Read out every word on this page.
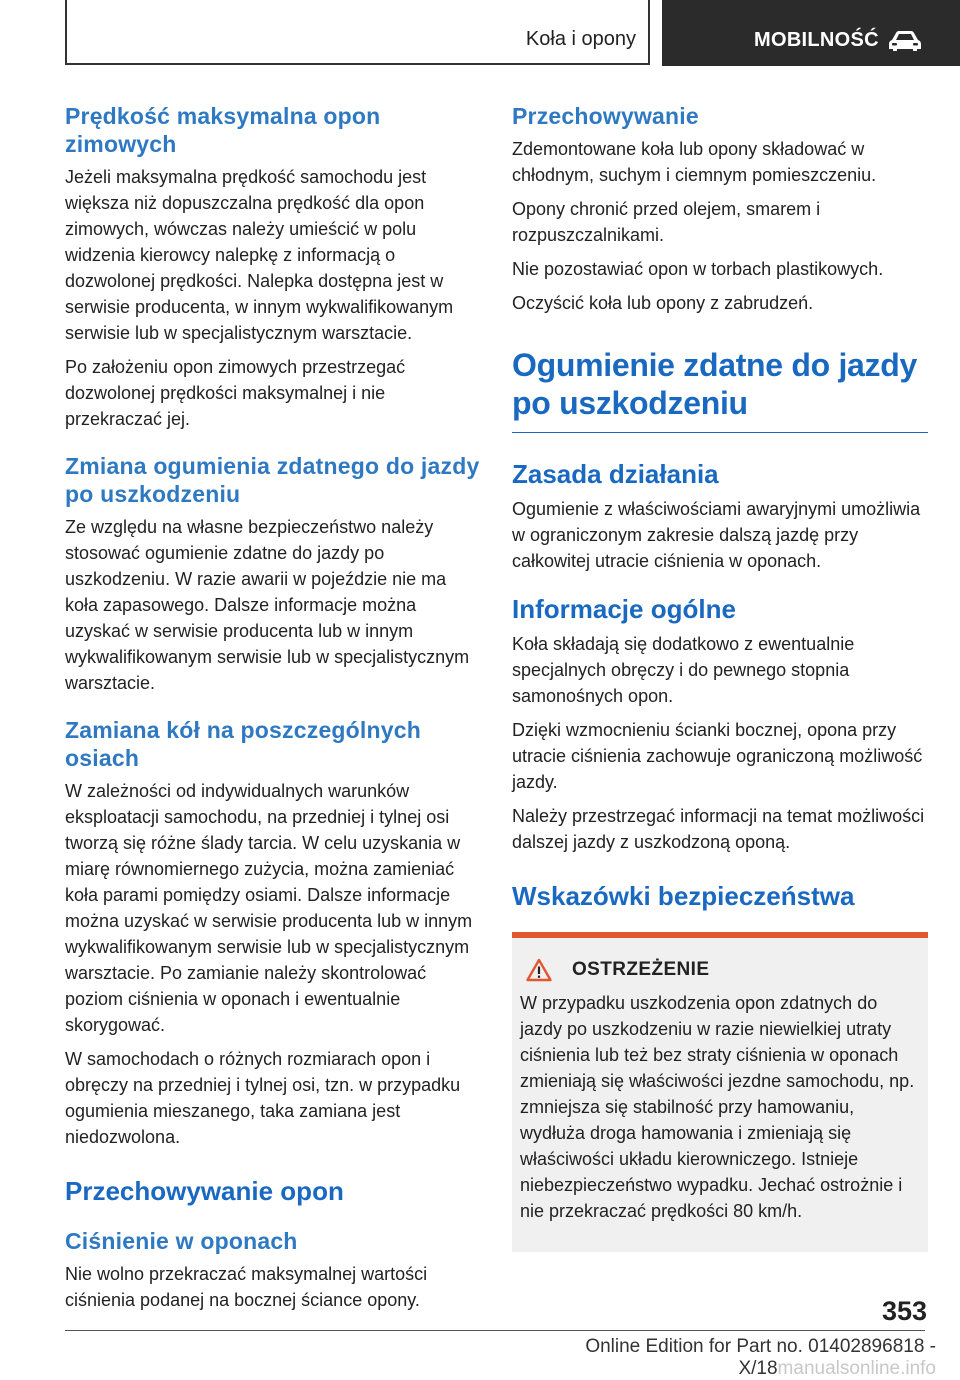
Koła i opony	MOBILNOŚĆ
Prędkość maksymalna opon zimowych

Jeżeli maksymalna prędkość samochodu jest większa niż dopuszczalna prędkość dla opon zimowych, wówczas należy umieścić w polu widzenia kierowcy nalepkę z informacją o dozwolonej prędkości. Nalepka dostępna jest w serwisie producenta, w innym wykwalifikowanym serwisie lub w specjalistycznym warsztacie.

Po założeniu opon zimowych przestrzegać dozwolonej prędkości maksymalnej i nie przekraczać jej.

Zmiana ogumienia zdatnego do jazdy po uszkodzeniu

Ze względu na własne bezpieczeństwo należy stosować ogumienie zdatne do jazdy po uszkodzeniu. W razie awarii w pojeździe nie ma koła zapasowego. Dalsze informacje można uzyskać w serwisie producenta lub w innym wykwalifikowanym serwisie lub w specjalistycznym warsztacie.

Zamiana kół na poszczególnych osiach

W zależności od indywidualnych warunków eksploatacji samochodu, na przedniej i tylnej osi tworzą się różne ślady tarcia. W celu uzyskania w miarę równomiernego zużycia, można zamieniać koła parami pomiędzy osiami. Dalsze informacje można uzyskać w serwisie producenta lub w innym wykwalifikowanym serwisie lub w specjalistycznym warsztacie. Po zamianie należy skontrolować poziom ciśnienia w oponach i ewentualnie skorygować.

W samochodach o różnych rozmiarach opon i obręczy na przedniej i tylnej osi, tzn. w przypadku ogumienia mieszanego, taka zamiana jest niedozwolona.

Przechowywanie opon
Ciśnienie w oponach

Nie wolno przekraczać maksymalnej wartości ciśnienia podanej na bocznej ściance opony.

Przechowywanie

Zdemontowane koła lub opony składować w chłodnym, suchym i ciemnym pomieszczeniu.

Opony chronić przed olejem, smarem i rozpuszczalnikami.

Nie pozostawiać opon w torbach plastikowych.

Oczyścić koła lub opony z zabrudzeń.

Ogumienie zdatne do jazdy po uszkodzeniu
Zasada działania

Ogumienie z właściwościami awaryjnymi umożliwia w ograniczonym zakresie dalszą jazdę przy całkowitej utracie ciśnienia w oponach.

Informacje ogólne

Koła składają się dodatkowo z ewentualnie specjalnych obręczy i do pewnego stopnia samonośnych opon.

Dzięki wzmocnieniu ścianki bocznej, opona przy utracie ciśnienia zachowuje ograniczoną możliwość jazdy.

Należy przestrzegać informacji na temat możliwości dalszej jazdy z uszkodzoną oponą.

Wskazówki bezpieczeństwa
OSTRZEŻENIE

W przypadku uszkodzenia opon zdatnych do jazdy po uszkodzeniu w razie niewielkiej utraty ciśnienia lub też bez straty ciśnienia w oponach zmieniają się właściwości jezdne samochodu, np. zmniejsza się stabilność przy hamowaniu, wydłuża droga hamowania i zmieniają się właściwości układu kierowniczego. Istnieje niebezpieczeństwo wypadku. Jechać ostrożnie i nie przekraczać prędkości 80 km/h.

353
Online Edition for Part no. 01402896818 - X/18manualsonline.info
